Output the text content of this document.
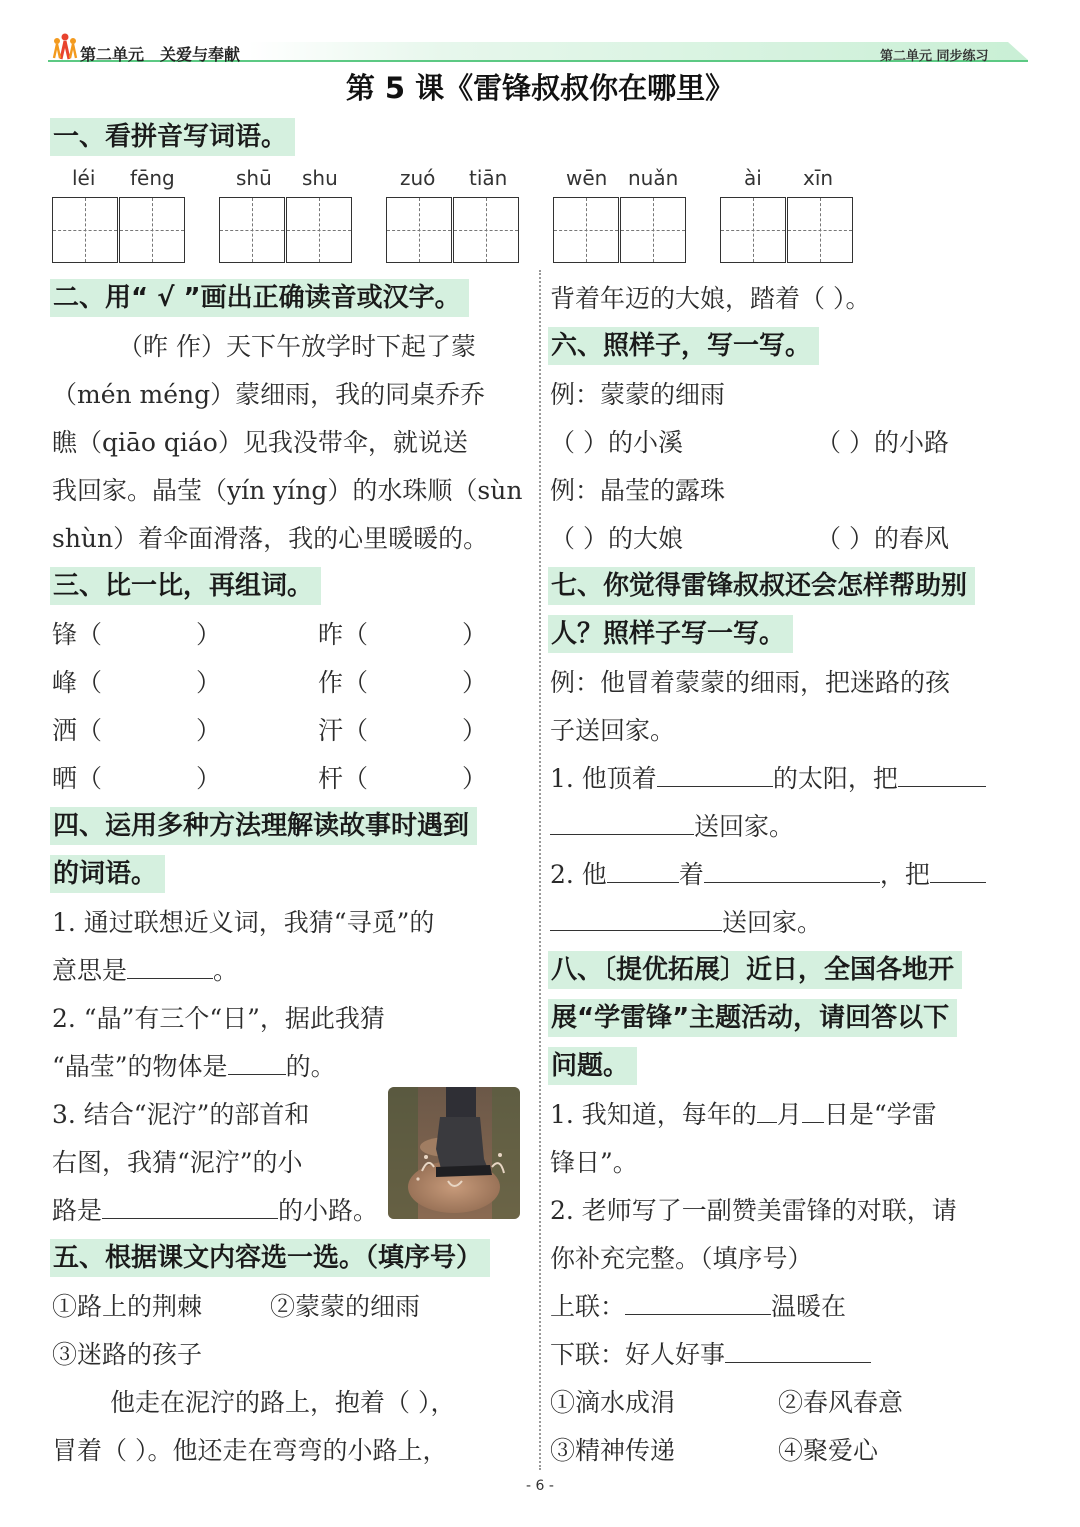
第二单元　关爱与奉献	第二单元 同步练习
第 5 课《雷锋叔叔你在哪里》
一、看拼音写词语。
léi fēng	shū shu	zuó tiān	wēn nuǎn	ài xīn
二、用“ √ ”画出正确读音或汉字。
（昨 作）天下午放学时下起了蒙
（mén méng）蒙细雨，我的同桌乔乔
瞧（qiāo qiáo）见我没带伞，就说送
我回家。晶莹（yín yíng）的水珠顺（sùn
shùn）着伞面滑落，我的心里暖暖的。
三、比一比，再组词。
锋（	）	昨（	）
峰（	）	作（	）
洒（	）	汗（	）
晒（	）	杆（	）
四、运用多种方法理解读故事时遇到
的词语。
1. 通过联想近义词，我猜“寻觅”的
意思是	。
2. “晶”有三个“日”，据此我猜
“晶莹”的物体是 的。
3. 结合“泥泞”的部首和
右图，我猜“泥泞”的小
路是	的小路。
五、根据课文内容选一选。（填序号）
①路上的荆棘	②蒙蒙的细雨
③迷路的孩子
他走在泥泞的路上，抱着（ ），
冒着（ ）。他还走在弯弯的小路上，
背着年迈的大娘，踏着（ ）。
六、照样子，写一写。
例：蒙蒙的细雨
（ ）的小溪	（ ）的小路
例：晶莹的露珠
（ ）的大娘	（ ）的春风
七、你觉得雷锋叔叔还会怎样帮助别
人？照样子写一写。
例：他冒着蒙蒙的细雨，把迷路的孩
子送回家。
1. 他顶着	的太阳，把
送回家。
2. 他	着	，把
送回家。
八、〔提优拓展〕近日，全国各地开
展“学雷锋”主题活动，请回答以下
问题。
1. 我知道，每年的 月 日是“学雷
锋日”。
2. 老师写了一副赞美雷锋的对联，请
你补充完整。（填序号）
上联：	温暖在
下联：好人好事
①滴水成涓	②春风春意
③精神传递	④聚爱心
- 6 -
